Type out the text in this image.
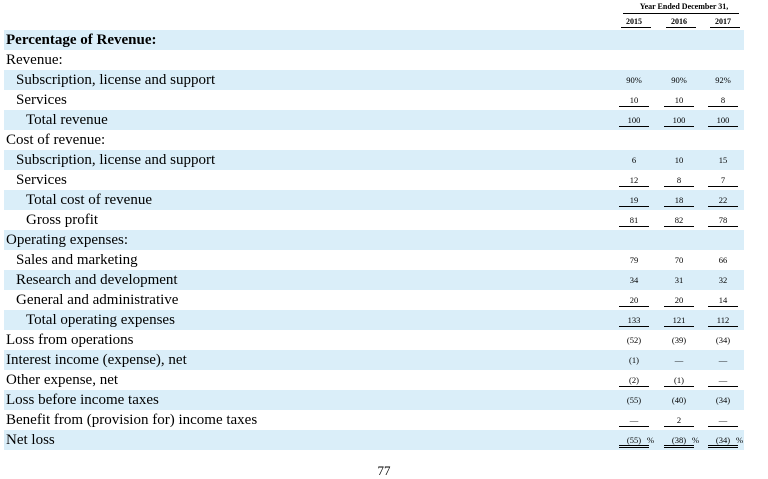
Year Ended December 31,
2015	2016	2017
Percentage of Revenue:
Revenue:
Subscription, license and support	90%	90%	92%
Services	10	10	8
Total revenue	100	100	100
Cost of revenue:
Subscription, license and support	6	10	15
Services	12	8	7
Total cost of revenue	19	18	22
Gross profit	81	82	78
Operating expenses:
Sales and marketing	79	70	66
Research and development	34	31	32
General and administrative	20	20	14
Total operating expenses	133	121	112
Loss from operations	(52)	(39)	(34)
Interest income (expense), net	(1)	—	—
Other expense, net	(2)	(1)	—
Loss before income taxes	(55)	(40)	(34)
Benefit from (provision for) income taxes	—	2	—
Net loss	(55) %	(38) %	(34) %
77
